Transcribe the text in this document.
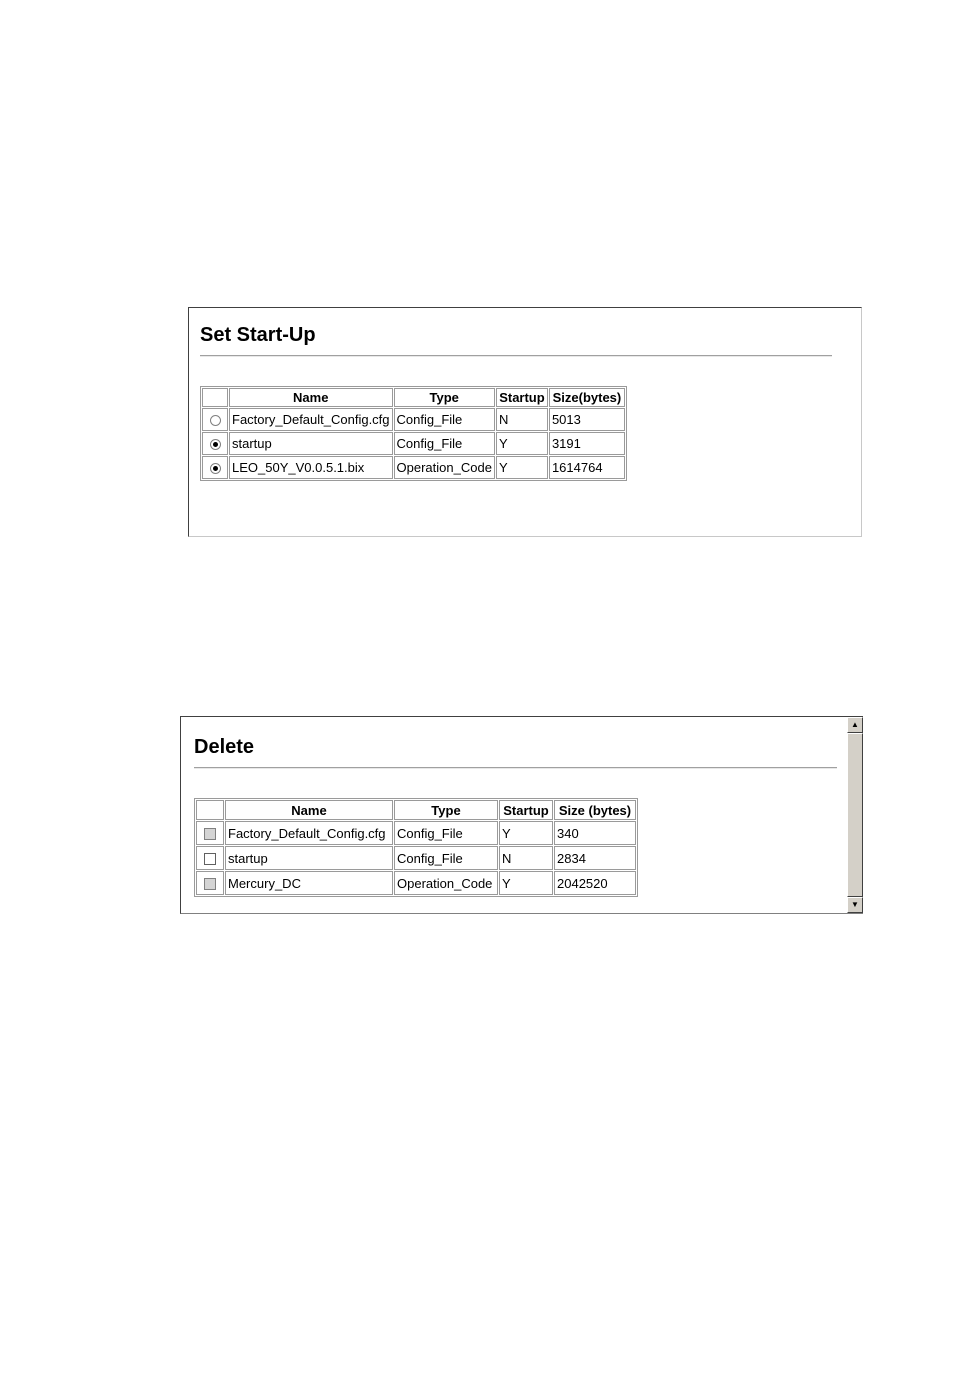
Set Start-Up
	Name	Type	Startup	Size(bytes)
	Factory_Default_Config.cfg	Config_File	N	5013
	startup	Config_File	Y	3191
	LEO_50Y_V0.0.5.1.bix	Operation_Code	Y	1614764
Delete
	Name	Type	Startup	Size (bytes)
	Factory_Default_Config.cfg	Config_File	Y	340
	startup	Config_File	N	2834
	Mercury_DC	Operation_Code	Y	2042520
▲
▼
